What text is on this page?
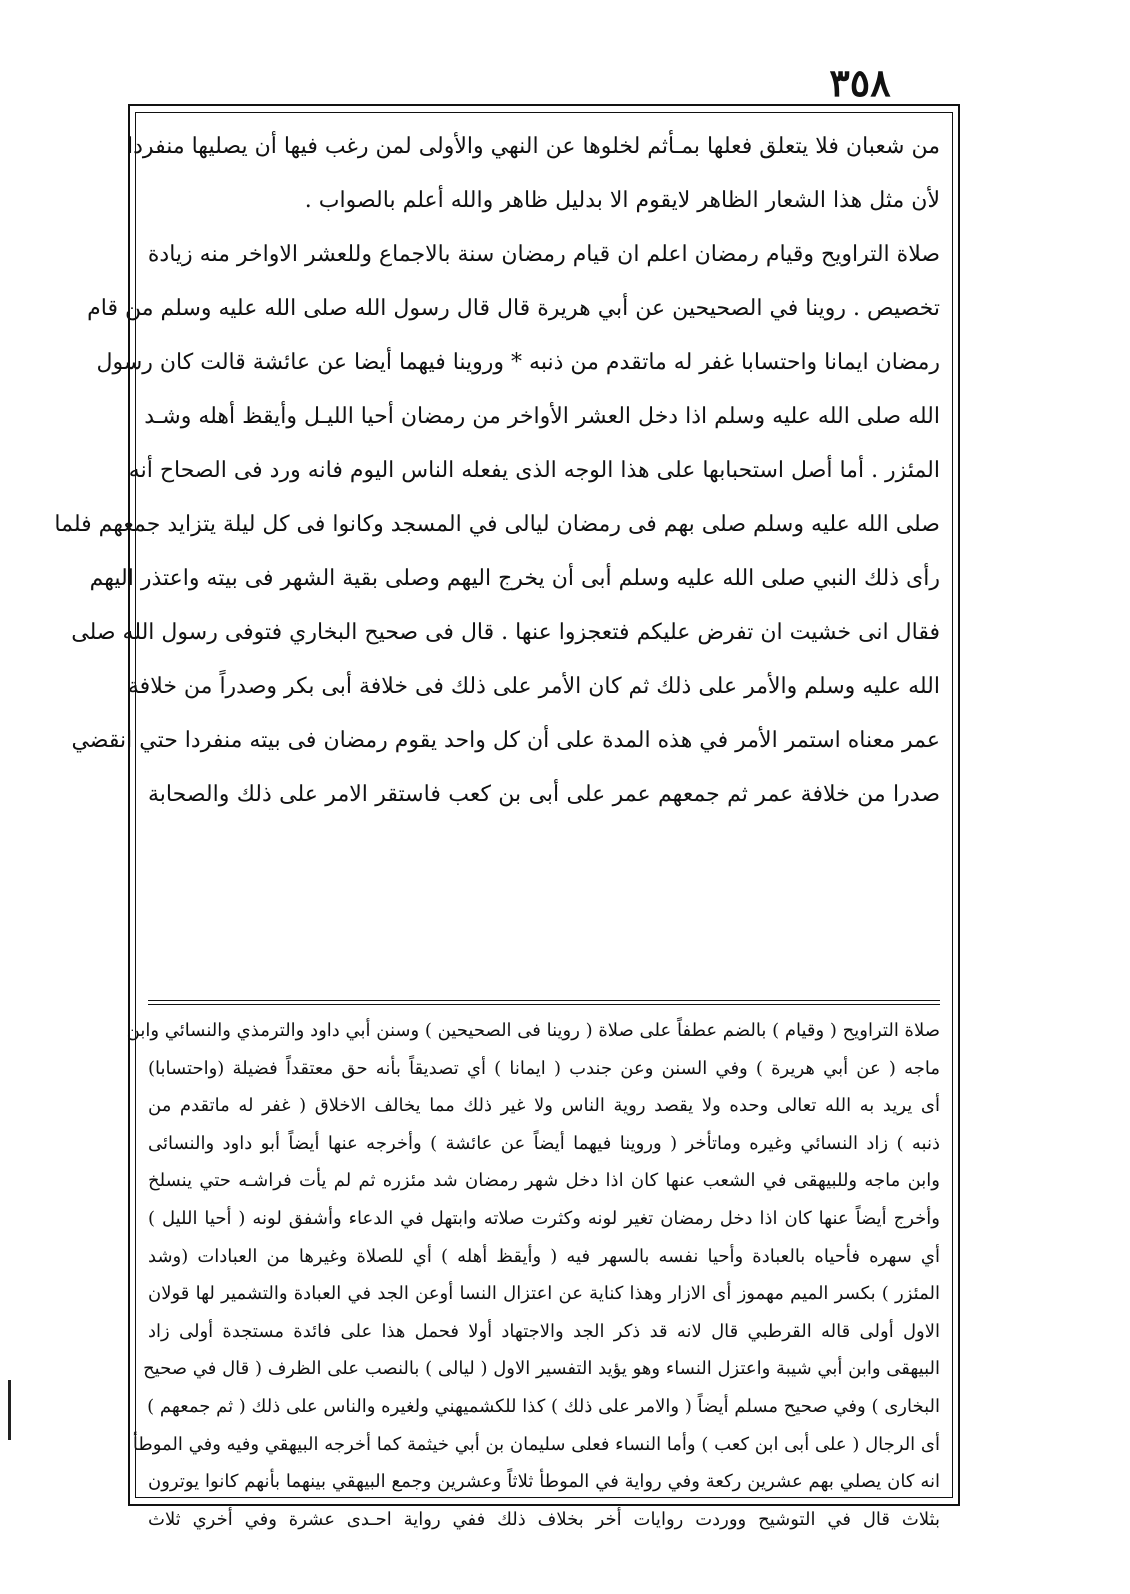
٣٥٨
من شعبان فلا يتعلق فعلها بمـأثم لخلوها عن النهي والأولى لمن رغب فيها أن يصليها منفردا
لأن مثل هذا الشعار الظاهر لايقوم الا بدليل ظاهر والله أعلم بالصواب .
صلاة التراويح وقيام رمضان اعلم ان قيام رمضان سنة بالاجماع وللعشر الاواخر منه زيادة
تخصيص . روينا في الصحيحين عن أبي هريرة قال قال رسول الله صلى الله عليه وسلم من قام
رمضان ايمانا واحتسابا غفر له ماتقدم من ذنبه * وروينا فيهما أيضا عن عائشة قالت كان رسول
الله صلى الله عليه وسلم اذا دخل العشر الأواخر من رمضان أحيا الليـل وأيقظ أهله وشـد
المئزر . أما أصل استحبابها على هذا الوجه الذى يفعله الناس اليوم فانه ورد فى الصحاح أنه
صلى الله عليه وسلم صلى بهم فى رمضان ليالى في المسجد وكانوا فى كل ليلة يتزايد جمعهم فلما
رأى ذلك النبي صلى الله عليه وسلم أبى أن يخرج اليهم وصلى بقية الشهر فى بيته واعتذر اليهم
فقال انى خشيت ان تفرض عليكم فتعجزوا عنها . قال فى صحيح البخاري فتوفى رسول الله صلى
الله عليه وسلم والأمر على ذلك ثم كان الأمر على ذلك فى خلافة أبى بكر وصدراً من خلافة
عمر معناه استمر الأمر في هذه المدة على أن كل واحد يقوم رمضان فى بيته منفردا حتي انقضي
صدرا من خلافة عمر ثم جمعهم عمر على أبى بن كعب فاستقر الامر على ذلك والصحابة
صلاة التراويح ( وقيام ) بالضم عطفاً على صلاة ( روينا فى الصحيحين ) وسنن أبي داود والترمذي والنسائي وابن
ماجه ( عن أبي هريرة ) وفي السنن وعن جندب ( ايمانا ) أي تصديقاً بأنه حق معتقداً فضيلة (واحتسابا)
أى يريد به الله تعالى وحده ولا يقصد روية الناس ولا غير ذلك مما يخالف الاخلاق ( غفر له ماتقدم من
ذنبه ) زاد النسائي وغيره وماتأخر ( وروينا فيهما أيضاً عن عائشة ) وأخرجه عنها أيضاً أبو داود والنسائى
وابن ماجه وللبيهقى في الشعب عنها كان اذا دخل شهر رمضان شد مئزره ثم لم يأت فراشـه حتي ينسلخ
وأخرج أيضاً عنها كان اذا دخل رمضان تغير لونه وكثرت صلاته وابتهل في الدعاء وأشفق لونه ( أحيا الليل )
أي سهره فأحياه بالعبادة وأحيا نفسه بالسهر فيه ( وأيقظ أهله ) أي للصلاة وغيرها من العبادات (وشد
المئزر ) بكسر الميم مهموز أى الازار وهذا كناية عن اعتزال النسا أوعن الجد في العبادة والتشمير لها قولان
الاول أولى قاله القرطبي قال لانه قد ذكر الجد والاجتهاد أولا فحمل هذا على فائدة مستجدة أولى زاد
البيهقى وابن أبي شيبة واعتزل النساء وهو يؤيد التفسير الاول ( ليالى ) بالنصب على الظرف ( قال في صحيح
البخارى ) وفي صحيح مسلم أيضاً ( والامر على ذلك ) كذا للكشميهني ولغيره والناس على ذلك ( ثم جمعهم )
أى الرجال ( على أبى ابن كعب ) وأما النساء فعلى سليمان بن أبي خيثمة كما أخرجه البيهقي وفيه وفي الموطأ
انه كان يصلي بهم عشرين ركعة وفي رواية في الموطأ ثلاثاً وعشرين وجمع البيهقي بينهما بأنهم كانوا يوترون
بثلاث قال في التوشيح ووردت روايات أخر بخلاف ذلك ففي رواية احـدى عشرة وفي أخري ثلاث
